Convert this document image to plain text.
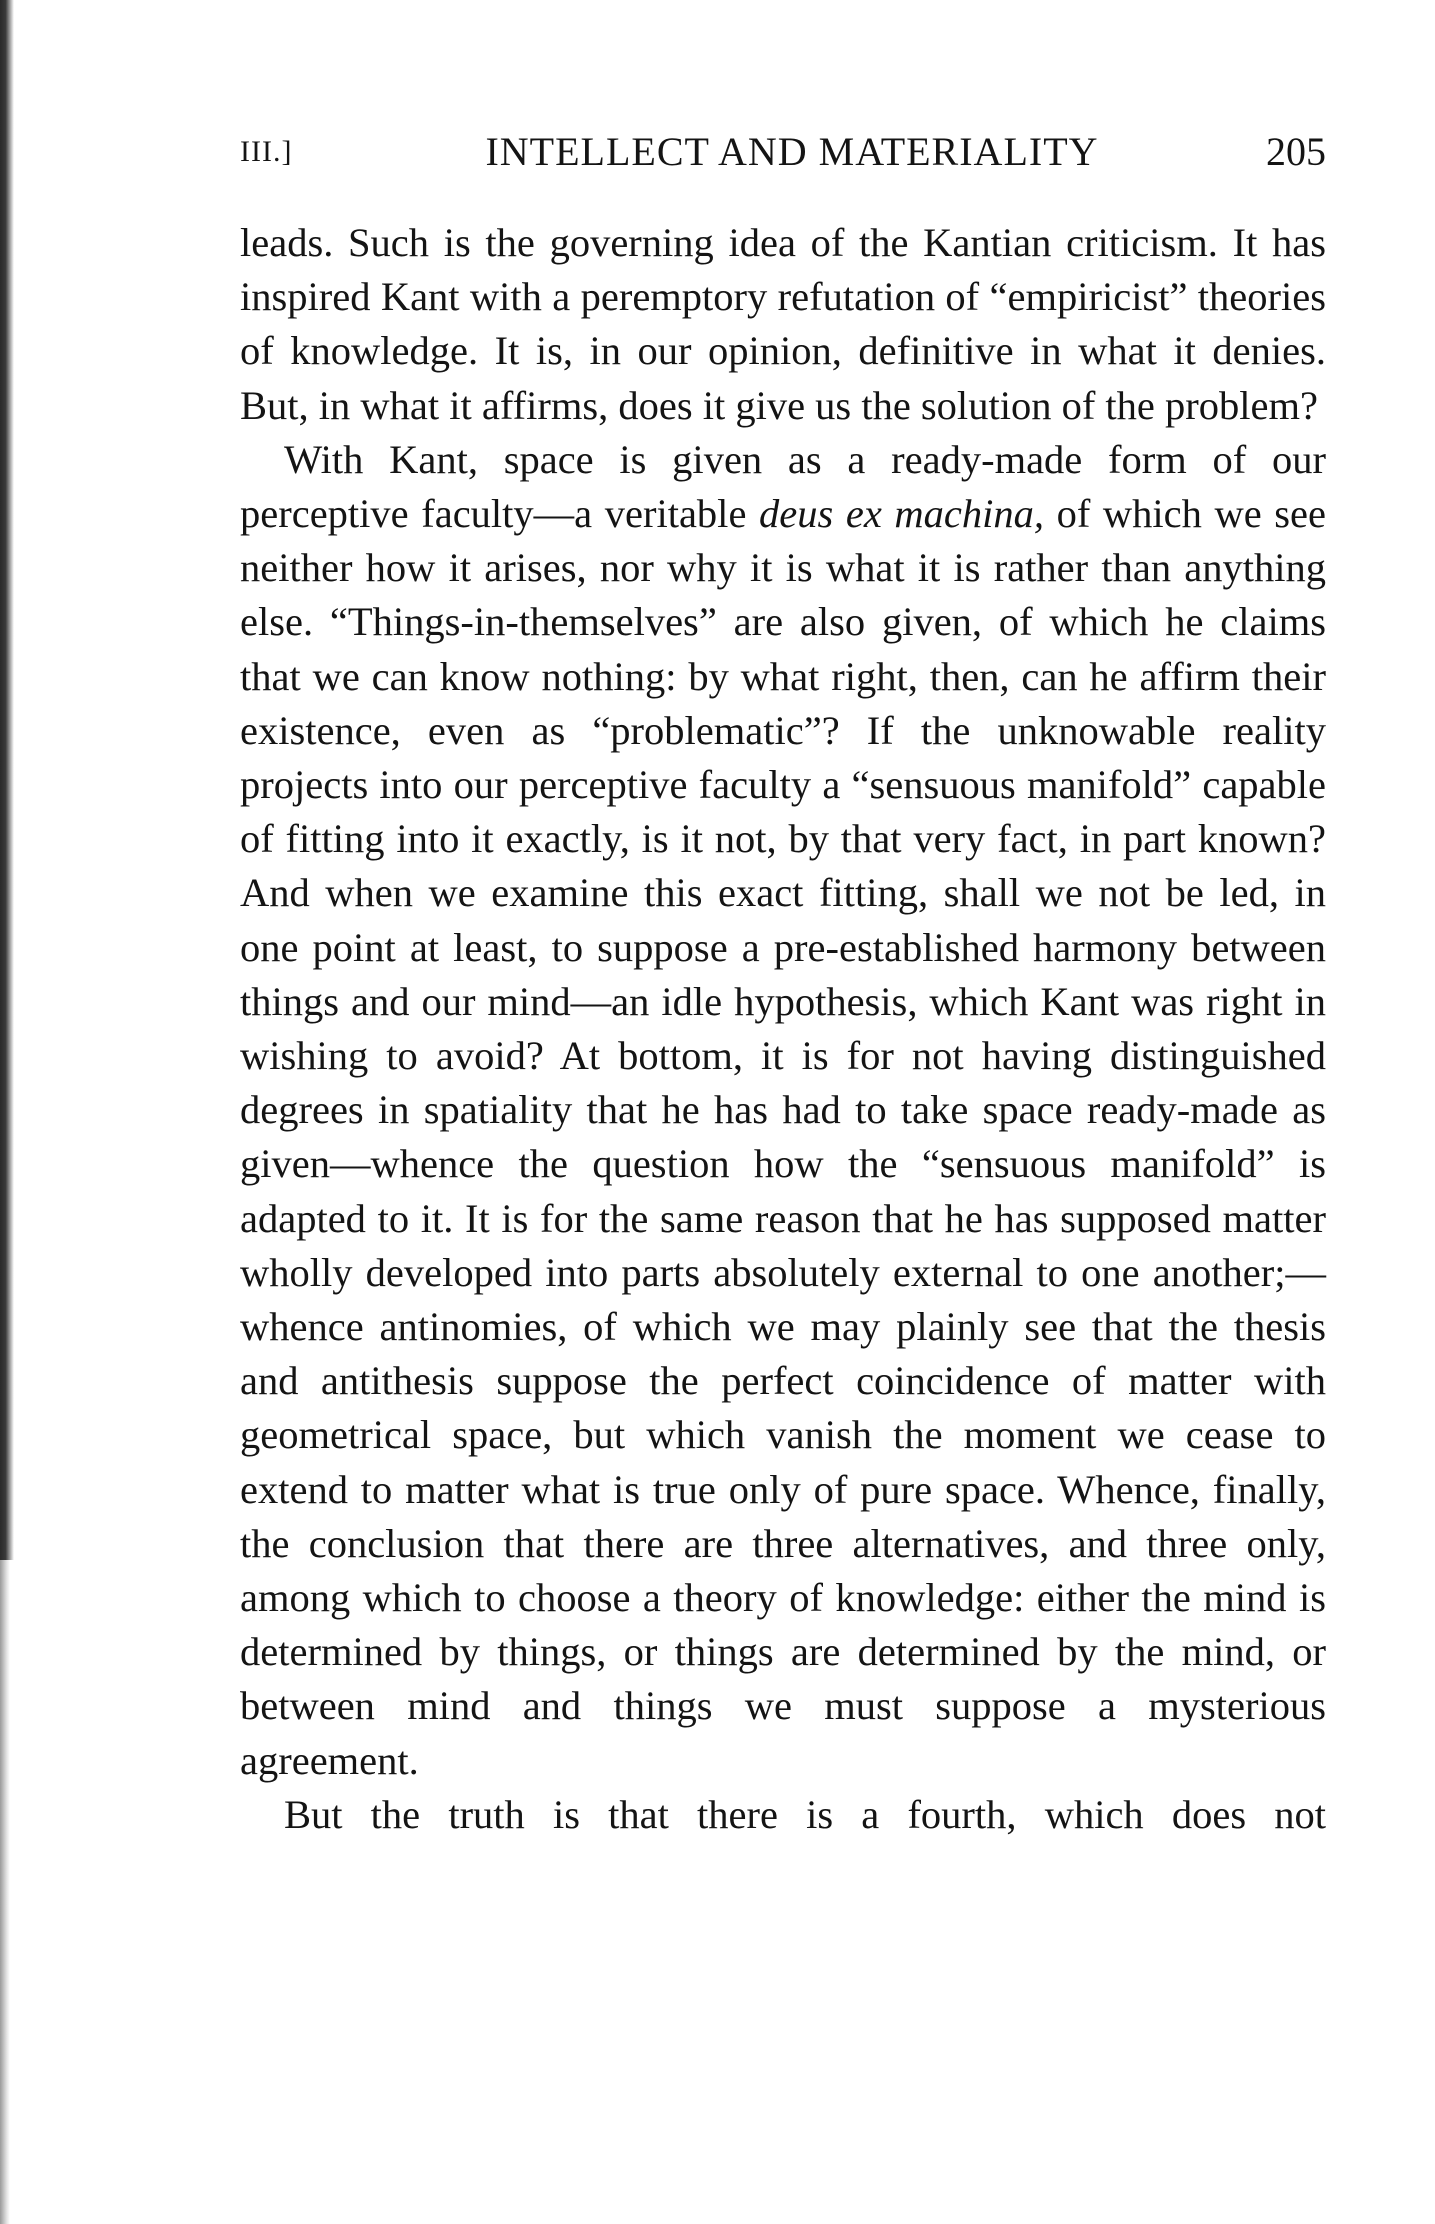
III.]	INTELLECT AND MATERIALITY	205

leads. Such is the governing idea of the Kantian criticism. It has inspired Kant with a peremptory refutation of “empiricist” theories of knowledge. It is, in our opinion, definitive in what it denies. But, in what it affirms, does it give us the solution of the problem?

With Kant, space is given as a ready-made form of our perceptive faculty—a veritable deus ex machina, of which we see neither how it arises, nor why it is what it is rather than anything else. “Things-in-themselves” are also given, of which he claims that we can know nothing: by what right, then, can he affirm their existence, even as “problematic”? If the unknowable reality projects into our perceptive faculty a “sensuous manifold” capable of fitting into it exactly, is it not, by that very fact, in part known? And when we examine this exact fitting, shall we not be led, in one point at least, to suppose a pre-established harmony between things and our mind—an idle hypothesis, which Kant was right in wishing to avoid? At bottom, it is for not having distinguished degrees in spatiality that he has had to take space ready-made as given—whence the question how the “sensuous manifold” is adapted to it. It is for the same reason that he has supposed matter wholly developed into parts absolutely external to one another;—whence antinomies, of which we may plainly see that the thesis and antithesis suppose the perfect coincidence of matter with geometrical space, but which vanish the moment we cease to extend to matter what is true only of pure space. Whence, finally, the conclusion that there are three alternatives, and three only, among which to choose a theory of knowledge: either the mind is determined by things, or things are determined by the mind, or between mind and things we must suppose a mysterious agreement.

But the truth is that there is a fourth, which does not
